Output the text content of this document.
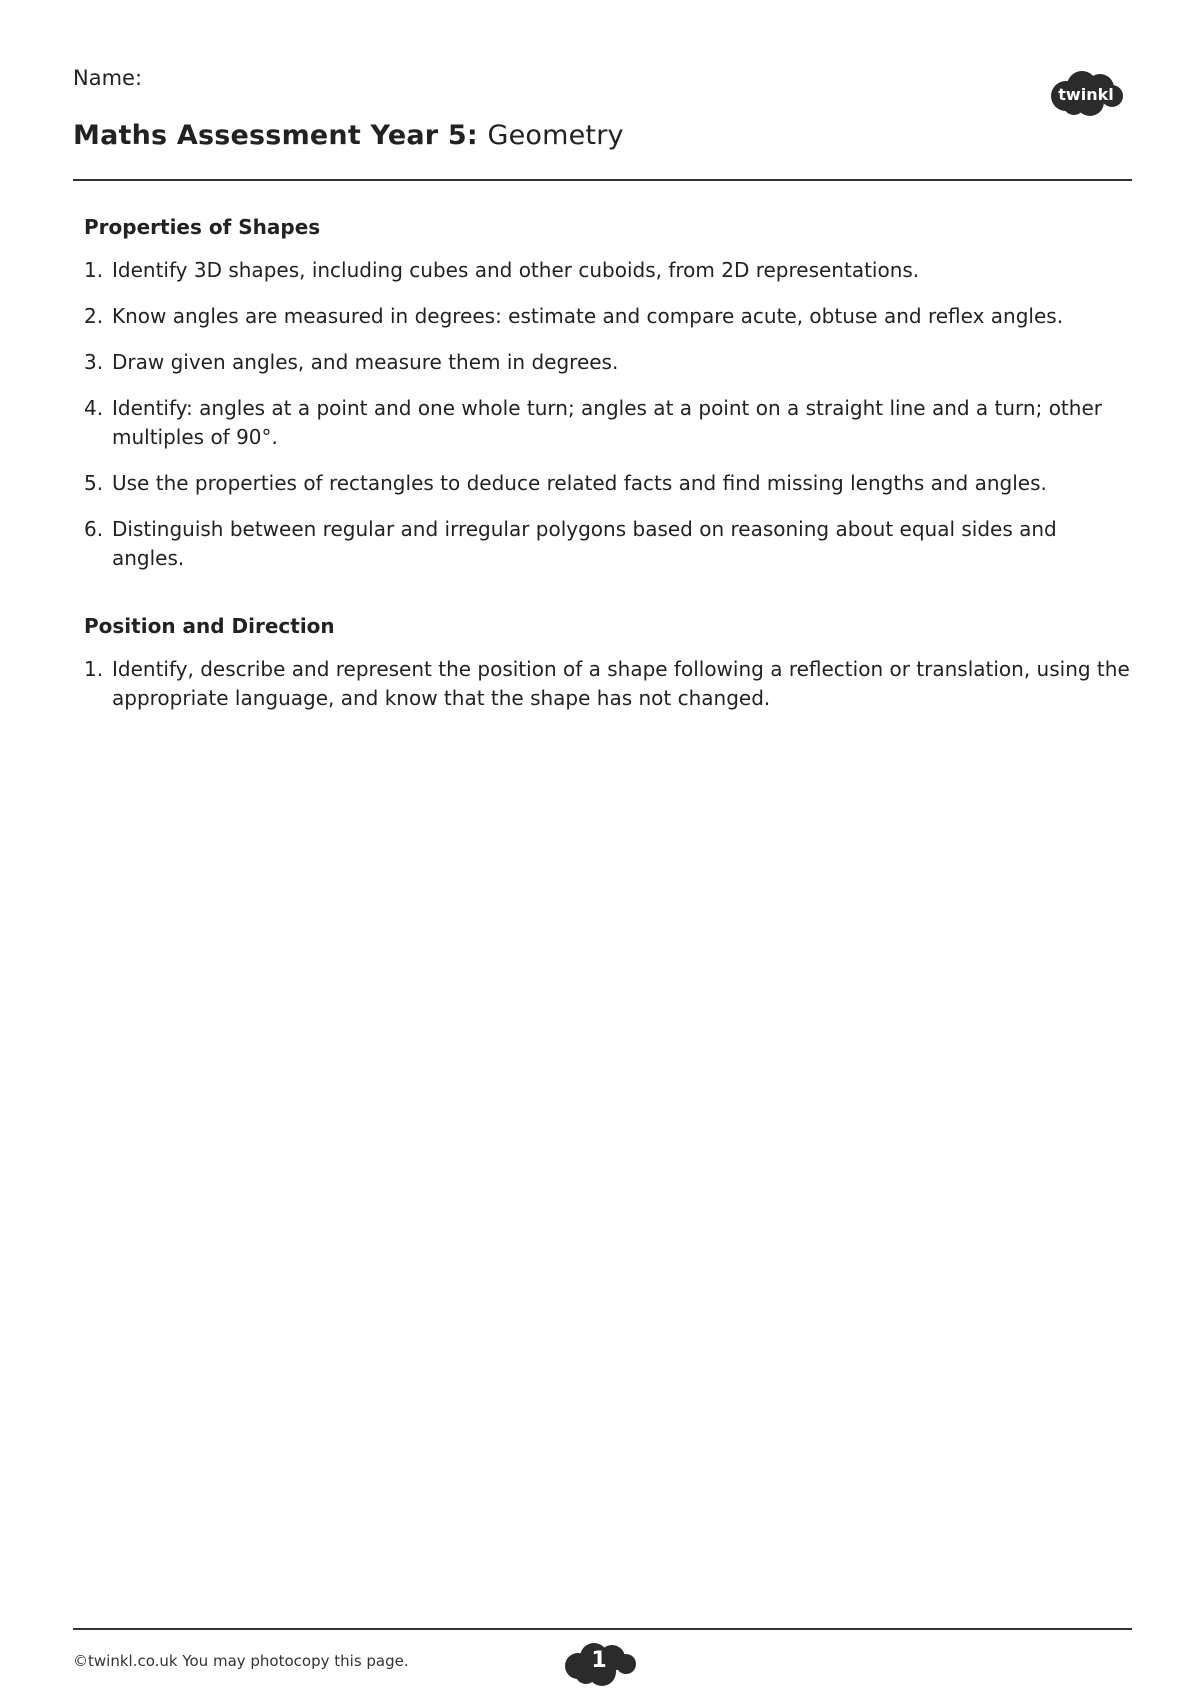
Name:
twinkl
Maths Assessment Year 5: Geometry
Properties of Shapes
1. Identify 3D shapes, including cubes and other cuboids, from 2D representations.
2. Know angles are measured in degrees: estimate and compare acute, obtuse and reflex angles.
3. Draw given angles, and measure them in degrees.
4. Identify: angles at a point and one whole turn; angles at a point on a straight line and a turn; other multiples of 90°.
5. Use the properties of rectangles to deduce related facts and find missing lengths and angles.
6. Distinguish between regular and irregular polygons based on reasoning about equal sides and angles.
Position and Direction
1. Identify, describe and represent the position of a shape following a reflection or translation, using the appropriate language, and know that the shape has not changed.
©twinkl.co.uk You may photocopy this page.	1
